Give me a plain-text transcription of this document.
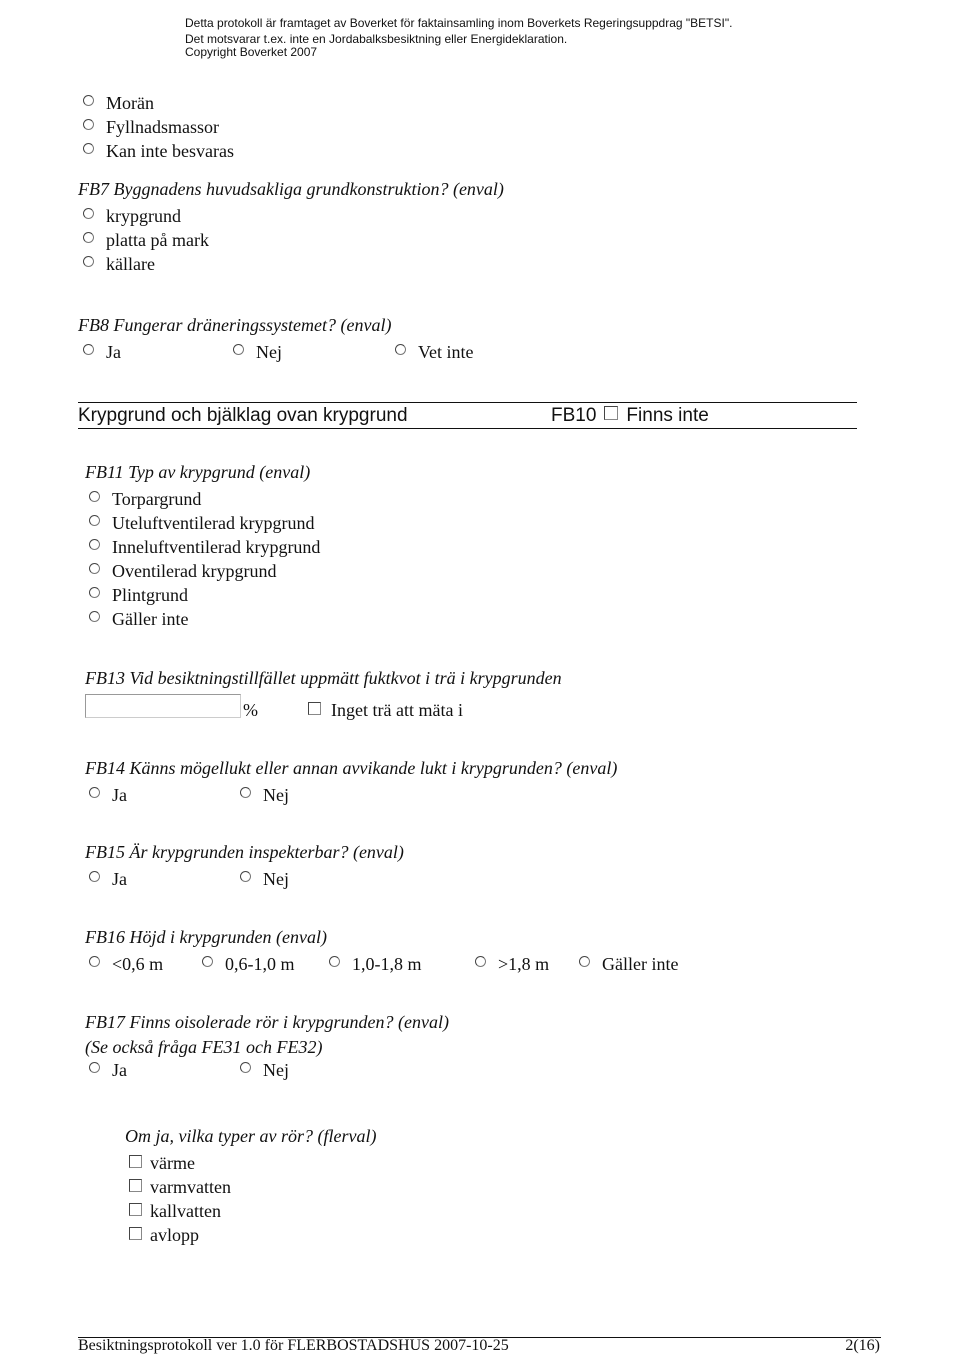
Detta protokoll är framtaget av Boverket för faktainsamling inom Boverkets Regeringsuppdrag "BETSI".
Det motsvarar t.ex. inte en Jordabalksbesiktning eller Energideklaration.
Copyright Boverket 2007
Morän
Fyllnadsmassor
Kan inte besvaras
FB7 Byggnadens huvudsakliga grundkonstruktion? (enval)
krypgrund
platta på mark
källare
FB8 Fungerar dräneringssystemet? (enval)
Ja	Nej	Vet inte
Krypgrund och bjälklag ovan krypgrund	FB10 Finns inte
FB11 Typ av krypgrund (enval)
Torpargrund
Uteluftventilerad krypgrund
Inneluftventilerad krypgrund
Oventilerad krypgrund
Plintgrund
Gäller inte
FB13 Vid besiktningstillfället uppmätt fuktkvot i trä i krypgrunden
%	Inget trä att mäta i
FB14 Känns mögellukt eller annan avvikande lukt i krypgrunden? (enval)
Ja	Nej
FB15 Är krypgrunden inspekterbar? (enval)
Ja	Nej
FB16 Höjd i krypgrunden (enval)
<0,6 m	0,6-1,0 m	1,0-1,8 m	>1,8 m	Gäller inte
FB17 Finns oisolerade rör i krypgrunden? (enval)
(Se också fråga FE31 och FE32)
Ja	Nej
Om ja, vilka typer av rör? (flerval)
värme
varmvatten
kallvatten
avlopp
Besiktningsprotokoll ver 1.0 för FLERBOSTADSHUS 2007-10-25	2(16)
